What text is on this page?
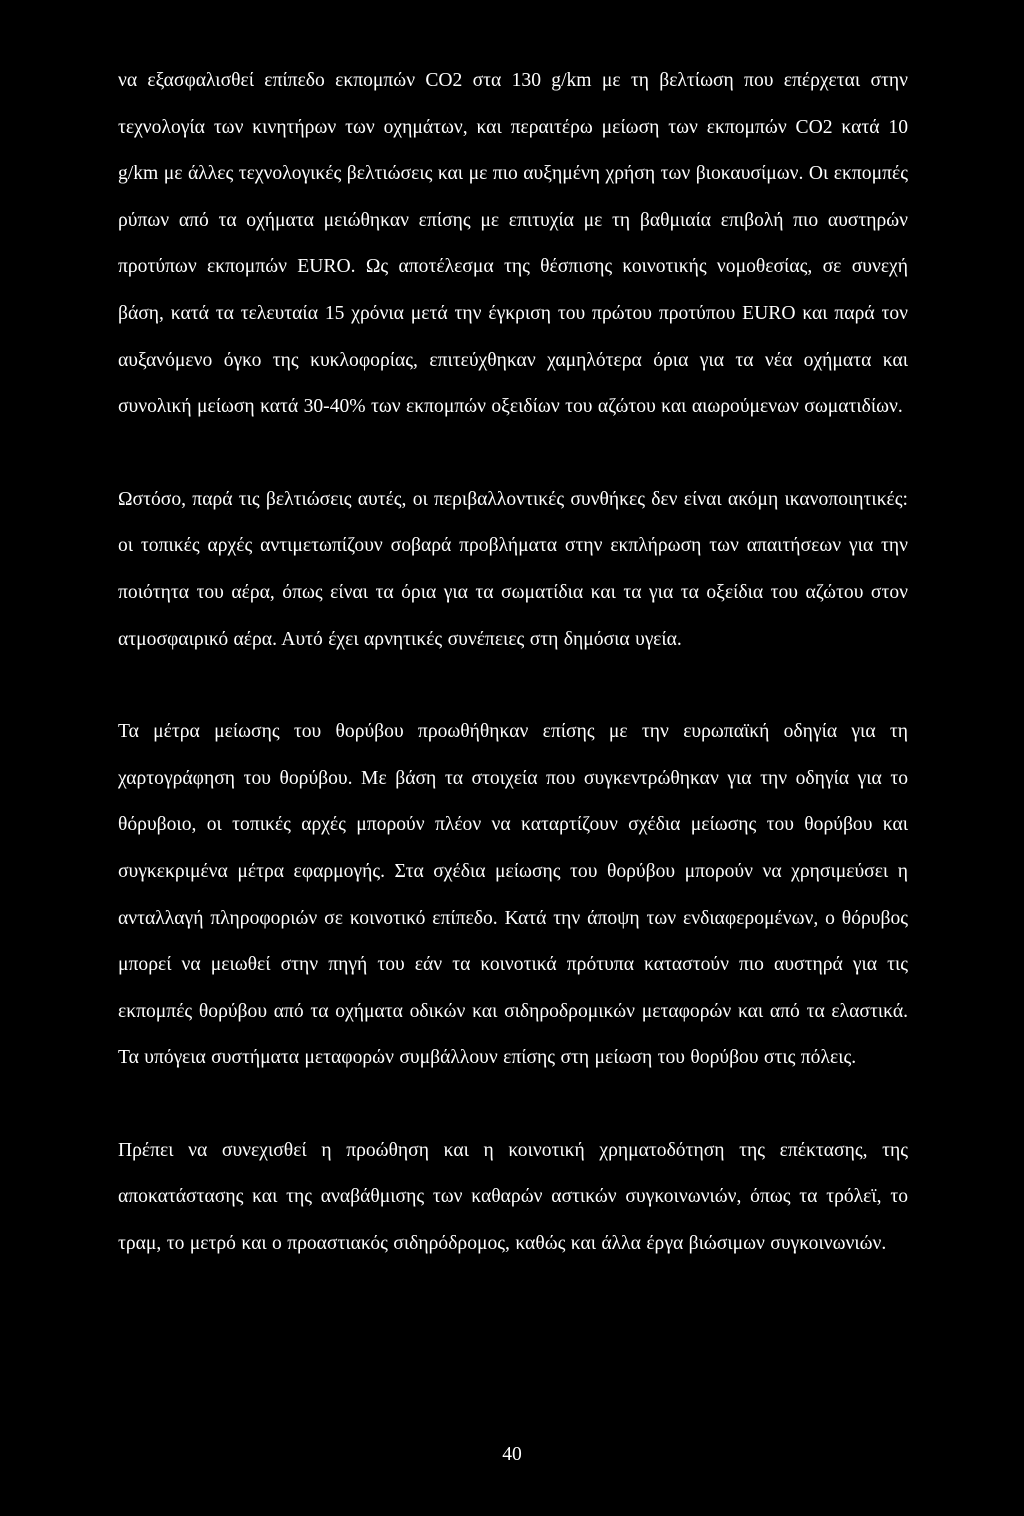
να εξασφαλισθεί επίπεδο εκπομπών CO2 στα 130 g/km με τη βελτίωση που επέρχεται στην τεχνολογία των κινητήρων των οχημάτων, και περαιτέρω μείωση των εκπομπών CO2 κατά 10 g/km με άλλες τεχνολογικές βελτιώσεις και με πιο αυξημένη χρήση των βιοκαυσίμων. Οι εκπομπές ρύπων από τα οχήματα μειώθηκαν επίσης με επιτυχία με τη βαθμιαία επιβολή πιο αυστηρών προτύπων εκπομπών EURO. Ως αποτέλεσμα της θέσπισης κοινοτικής νομοθεσίας, σε συνεχή βάση, κατά τα τελευταία 15 χρόνια μετά την έγκριση του πρώτου προτύπου EURO και παρά τον αυξανόμενο όγκο της κυκλοφορίας, επιτεύχθηκαν χαμηλότερα όρια για τα νέα οχήματα και συνολική μείωση κατά 30-40% των εκπομπών οξειδίων του αζώτου και αιωρούμενων σωματιδίων.

Ωστόσο, παρά τις βελτιώσεις αυτές, οι περιβαλλοντικές συνθήκες δεν είναι ακόμη ικανοποιητικές: οι τοπικές αρχές αντιμετωπίζουν σοβαρά προβλήματα στην εκπλήρωση των απαιτήσεων για την ποιότητα του αέρα, όπως είναι τα όρια για τα σωματίδια και τα για τα οξείδια του αζώτου στον ατμοσφαιρικό αέρα. Αυτό έχει αρνητικές συνέπειες στη δημόσια υγεία.

Τα μέτρα μείωσης του θορύβου προωθήθηκαν επίσης με την ευρωπαϊκή οδηγία για τη χαρτογράφηση του θορύβου. Με βάση τα στοιχεία που συγκεντρώθηκαν για την οδηγία για το θόρυβοιο, οι τοπικές αρχές μπορούν πλέον να καταρτίζουν σχέδια μείωσης του θορύβου και συγκεκριμένα μέτρα εφαρμογής. Στα σχέδια μείωσης του θορύβου μπορούν να χρησιμεύσει η ανταλλαγή πληροφοριών σε κοινοτικό επίπεδο. Κατά την άποψη των ενδιαφερομένων, ο θόρυβος μπορεί να μειωθεί στην πηγή του εάν τα κοινοτικά πρότυπα καταστούν πιο αυστηρά για τις εκπομπές θορύβου από τα οχήματα οδικών και σιδηροδρομικών μεταφορών και από τα ελαστικά. Τα υπόγεια συστήματα μεταφορών συμβάλλουν επίσης στη μείωση του θορύβου στις πόλεις.

Πρέπει να συνεχισθεί η προώθηση και η κοινοτική χρηματοδότηση της επέκτασης, της αποκατάστασης και της αναβάθμισης των καθαρών αστικών συγκοινωνιών, όπως τα τρόλεϊ, το τραμ, το μετρό και ο προαστιακός σιδηρόδρομος, καθώς και άλλα έργα βιώσιμων συγκοινωνιών.

40
